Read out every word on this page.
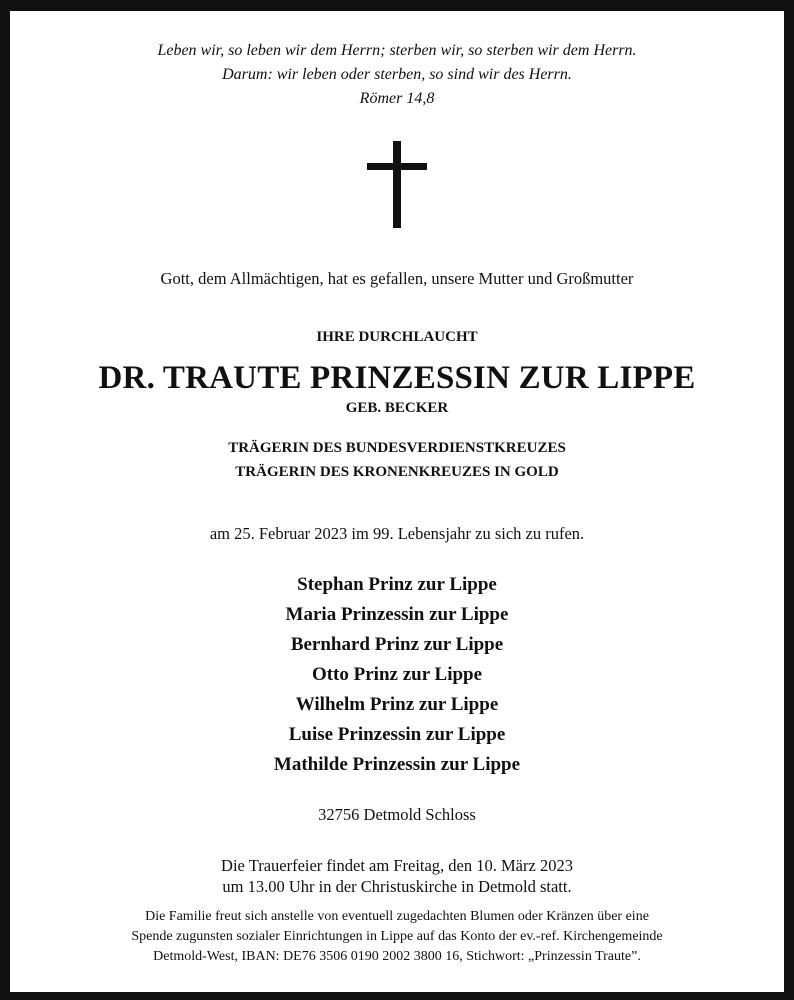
Leben wir, so leben wir dem Herrn; sterben wir, so sterben wir dem Herrn.
Darum: wir leben oder sterben, so sind wir des Herrn.
Römer 14,8
Gott, dem Allmächtigen, hat es gefallen, unsere Mutter und Großmutter
IHRE DURCHLAUCHT
DR. TRAUTE PRINZESSIN ZUR LIPPE
GEB. BECKER
TRÄGERIN DES BUNDESVERDIENSTKREUZES
TRÄGERIN DES KRONENKREUZES IN GOLD
am 25. Februar 2023 im 99. Lebensjahr zu sich zu rufen.
Stephan Prinz zur Lippe
Maria Prinzessin zur Lippe
Bernhard Prinz zur Lippe
Otto Prinz zur Lippe
Wilhelm Prinz zur Lippe
Luise Prinzessin zur Lippe
Mathilde Prinzessin zur Lippe
32756 Detmold Schloss
Die Trauerfeier findet am Freitag, den 10. März 2023
um 13.00 Uhr in der Christuskirche in Detmold statt.
Die Familie freut sich anstelle von eventuell zugedachten Blumen oder Kränzen über eine
Spende zugunsten sozialer Einrichtungen in Lippe auf das Konto der ev.-ref. Kirchengemeinde
Detmold-West, IBAN: DE76 3506 0190 2002 3800 16, Stichwort: „Prinzessin Traute”.
